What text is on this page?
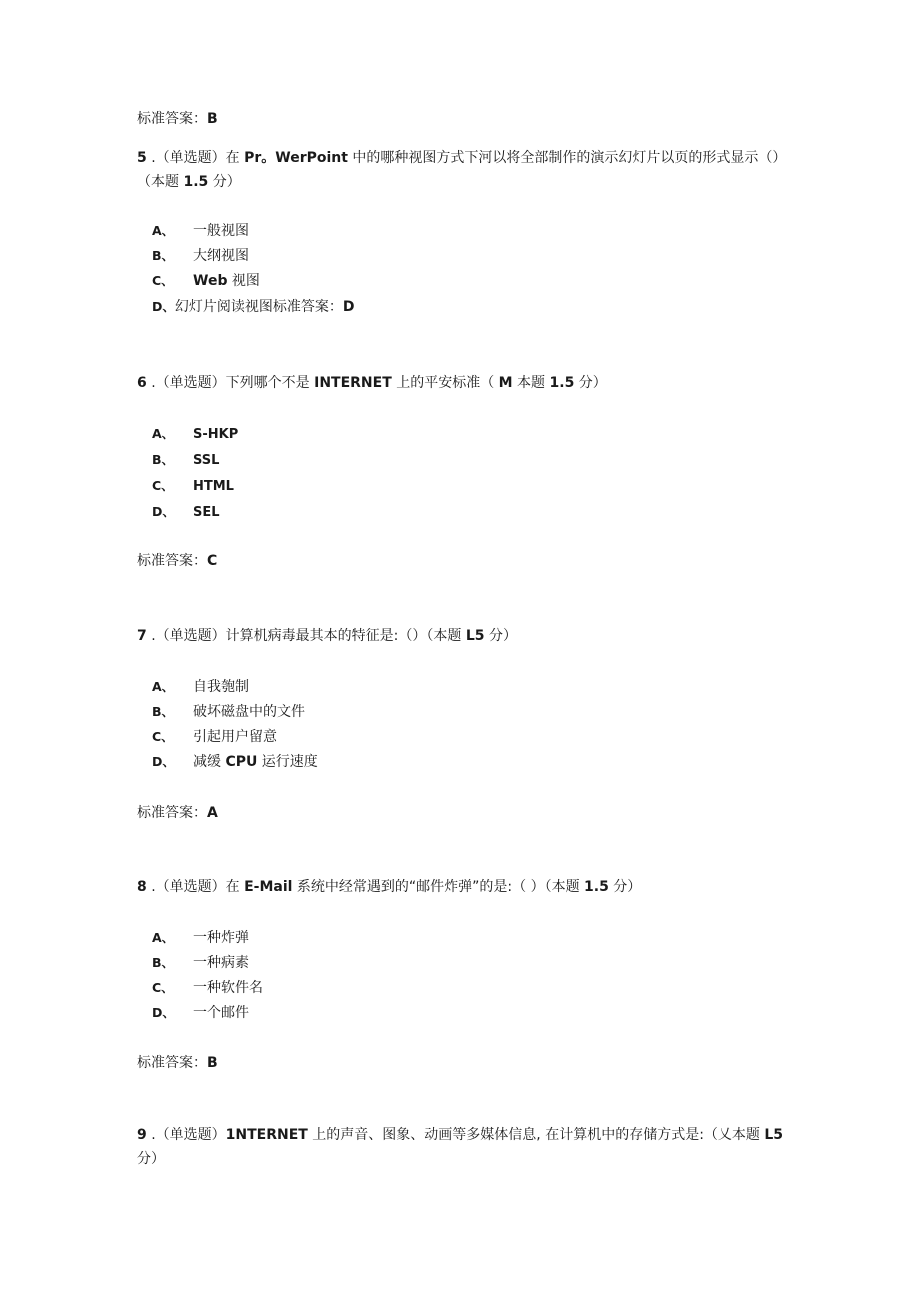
标准答案：B
5 .（单选题）在 Pr。WerPoint 中的哪种视图方式下河以将全部制作的演示幻灯片以页的形式显示（）（本题 1.5 分）
A、 一般视图
B、 大纲视图
C、 Web 视图
D、幻灯片阅读视图标准答案：D
6 .（单选题）下列哪个不是 INTERNET 上的平安标准（ M 本题 1.5 分）
A、 S-HKP
B、 SSL
C、 HTML
D、 SEL
标准答案：C
7 .（单选题）计算机病毒最其本的特征是:（）（本题 L5 分）
A、 自我匏制
B、 破坏磁盘中的文件
C、 引起用户留意
D、 减缓 CPU 运行速度
标准答案：A
8 .（单选题）在 E-Mail 系统中经常遇到的“邮件炸弹”的是:（ ）（本题 1.5 分）
A、 一种炸弹
B、 一种病素
C、 一种软件名
D、 一个邮件
标准答案：B
9 .（单选题）1NTERNET 上的声音、图象、动画等多媒体信息, 在计算机中的存储方式是:（乂本题 L5 分）
